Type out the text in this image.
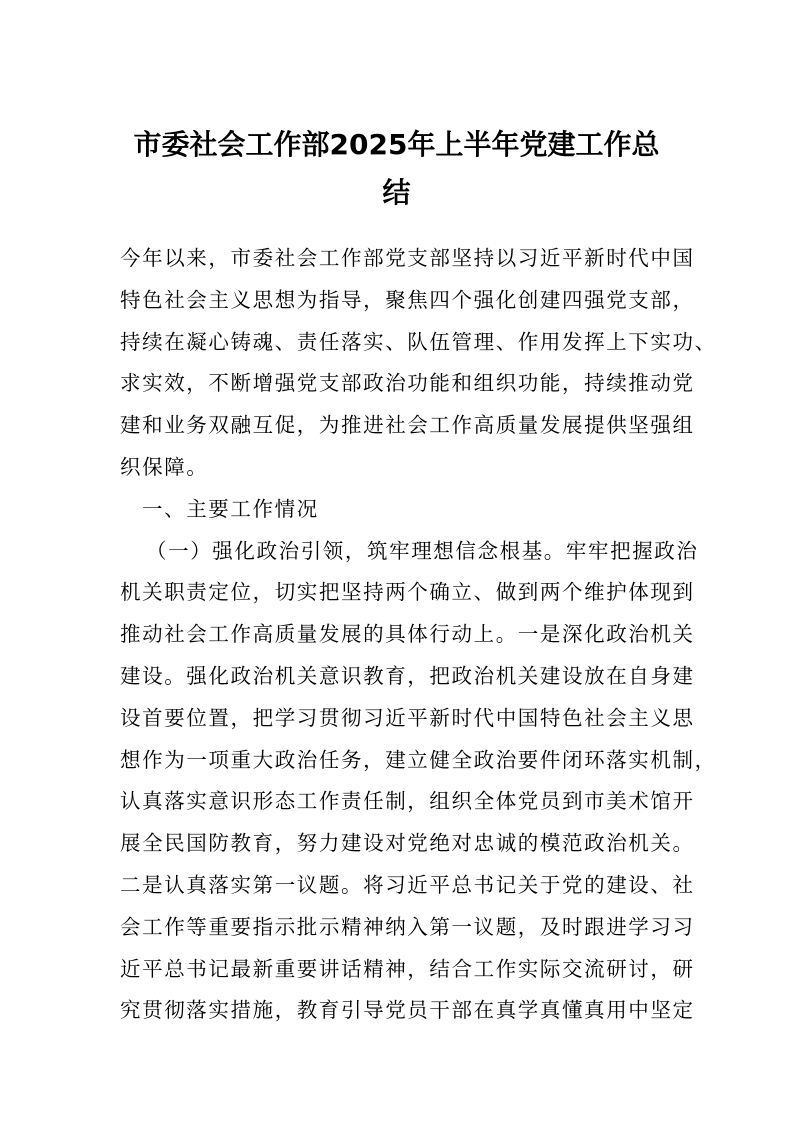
市委社会工作部2025年上半年党建工作总
结
今年以来，市委社会工作部党支部坚持以习近平新时代中国
特色社会主义思想为指导，聚焦四个强化创建四强党支部，
持续在凝心铸魂、责任落实、队伍管理、作用发挥上下实功、
求实效，不断增强党支部政治功能和组织功能，持续推动党
建和业务双融互促，为推进社会工作高质量发展提供坚强组
织保障。
一、主要工作情况
（一）强化政治引领，筑牢理想信念根基。牢牢把握政治
机关职责定位，切实把坚持两个确立、做到两个维护体现到
推动社会工作高质量发展的具体行动上。一是深化政治机关
建设。强化政治机关意识教育，把政治机关建设放在自身建
设首要位置，把学习贯彻习近平新时代中国特色社会主义思
想作为一项重大政治任务，建立健全政治要件闭环落实机制，
认真落实意识形态工作责任制，组织全体党员到市美术馆开
展全民国防教育，努力建设对党绝对忠诚的模范政治机关。
二是认真落实第一议题。将习近平总书记关于党的建设、社
会工作等重要指示批示精神纳入第一议题，及时跟进学习习
近平总书记最新重要讲话精神，结合工作实际交流研讨，研
究贯彻落实措施，教育引导党员干部在真学真懂真用中坚定
